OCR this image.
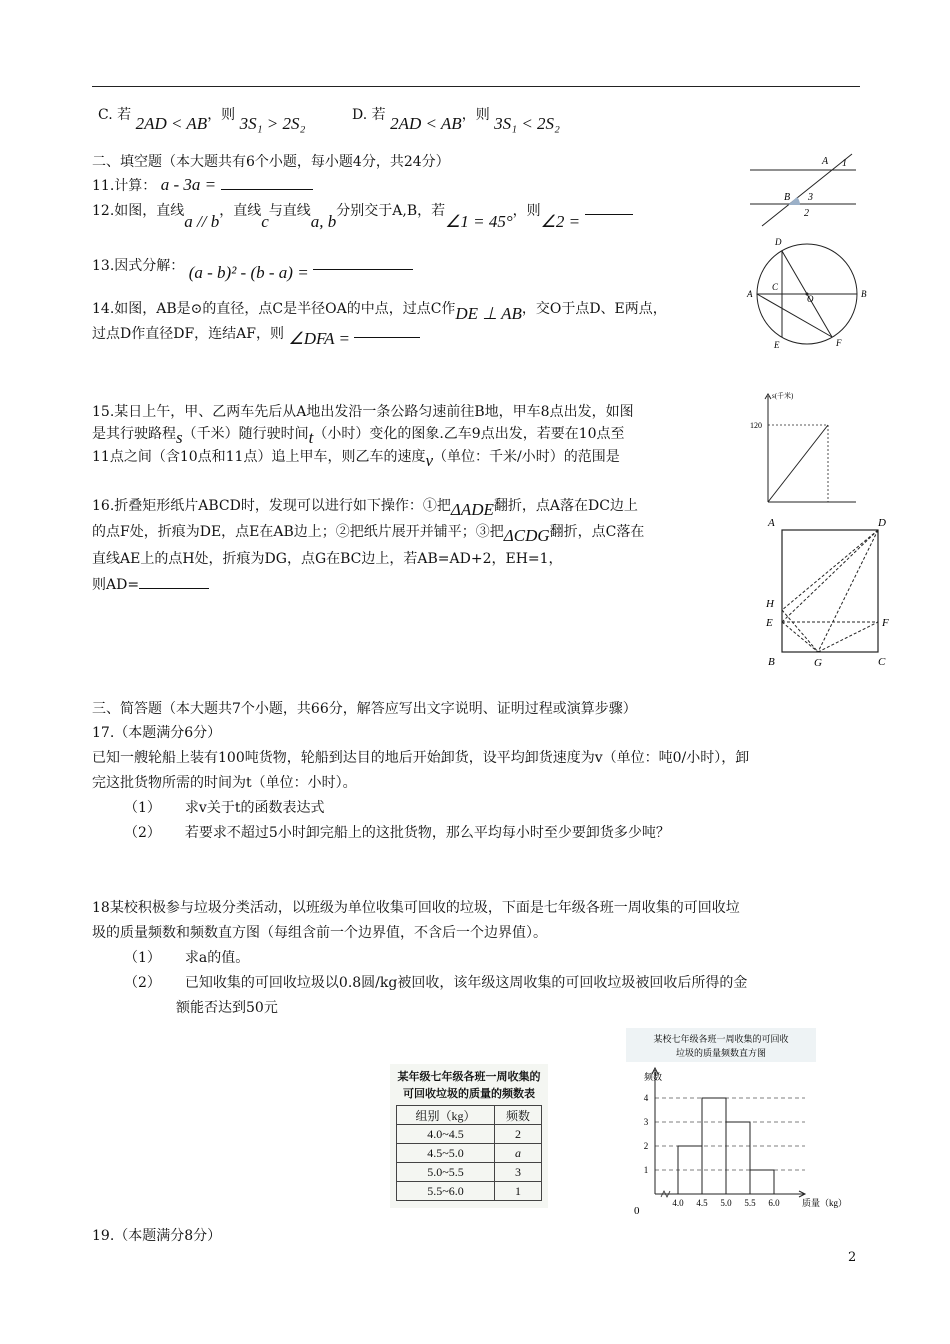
C. 若 2AD < AB，则 3S₁ > 2S₂	D. 若 2AD < AB，则 3S₁ < 2S₂
二、填空题（本大题共有6个小题，每小题4分，共24分）
11.计算： a - 3a =
12.如图，直线a // b，直线c与直线a, b分别交于A,B，若∠1 = 45°，则∠2 =
13.因式分解： (a - b)² - (b - a) =
14.如图，AB是⊙的直径，点C是半径OA的中点，过点C作DE ⊥ AB，交O于点D、E两点，
过点D作直径DF，连结AF，则 ∠DFA =
15.某日上午，甲、乙两车先后从A地出发沿一条公路匀速前往B地，甲车8点出发，如图
是其行驶路程s（千米）随行驶时间t（小时）变化的图象.乙车9点出发，若要在10点至
11点之间（含10点和11点）追上甲车，则乙车的速度v（单位：千米/小时）的范围是
16.折叠矩形纸片ABCD时，发现可以进行如下操作：①把ΔADE翻折，点A落在DC边上
的点F处，折痕为DE，点E在AB边上；②把纸片展开并铺平；③把ΔCDG翻折，点C落在
直线AE上的点H处，折痕为DG，点G在BC边上，若AB=AD+2，EH=1，
则AD=
三、简答题（本大题共7个小题，共66分，解答应写出文字说明、证明过程或演算步骤）
17.（本题满分6分）
已知一艘轮船上装有100吨货物，轮船到达目的地后开始卸货，设平均卸货速度为v（单位：吨0/小时），卸
完这批货物所需的时间为t（单位：小时）。
（1） 求v关于t的函数表达式
（2） 若要求不超过5小时卸完船上的这批货物，那么平均每小时至少要卸货多少吨？
18某校积极参与垃圾分类活动，以班级为单位收集可回收的垃圾，下面是七年级各班一周收集的可回收垃
圾的质量频数和频数直方图（每组含前一个边界值，不含后一个边界值）。
（1） 求a的值。
（2） 已知收集的可回收垃圾以0.8圆/kg被回收，该年级这周收集的可回收垃圾被回收后所得的金
额能否达到50元
某年级七年级各班一周收集的
可回收垃圾的质量的频数表
组别（kg）	频数
4.0~4.5	2
4.5~5.0	a
5.0~5.5	3
5.5~6.0	1
某校七年级各班一周收集的可回收
垃圾的质量频数直方图
1
2
3
4
4.0 4.5 5.0 5.5 6.0
频数
质量（kg）
0
A 1
B 3
2
D
A
C
O	B
E	F
s(千米)
120
A	D
H
E	F
B	G	C
19.（本题满分8分）
2
